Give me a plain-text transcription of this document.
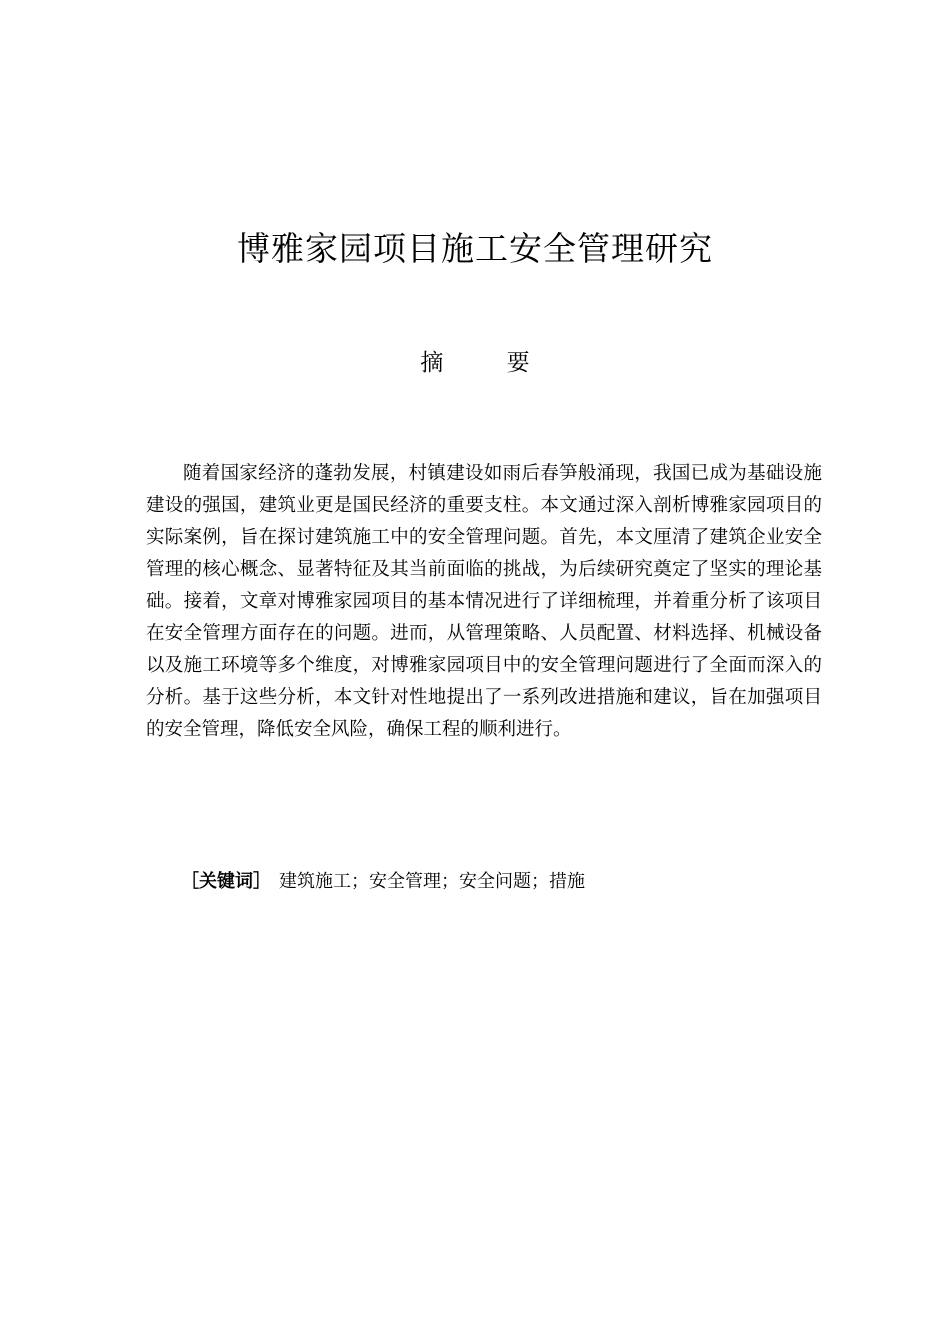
博雅家园项目施工安全管理研究
摘 要

随着国家经济的蓬勃发展，村镇建设如雨后春笋般涌现，我国已成为基础设施建设的强国，建筑业更是国民经济的重要支柱。本文通过深入剖析博雅家园项目的实际案例，旨在探讨建筑施工中的安全管理问题。首先，本文厘清了建筑企业安全管理的核心概念、显著特征及其当前面临的挑战，为后续研究奠定了坚实的理论基础。接着，文章对博雅家园项目的基本情况进行了详细梳理，并着重分析了该项目在安全管理方面存在的问题。进而，从管理策略、人员配置、材料选择、机械设备以及施工环境等多个维度，对博雅家园项目中的安全管理问题进行了全面而深入的分析。基于这些分析，本文针对性地提出了一系列改进措施和建议，旨在加强项目的安全管理，降低安全风险，确保工程的顺利进行。

［关键词］ 建筑施工；安全管理；安全问题；措施
